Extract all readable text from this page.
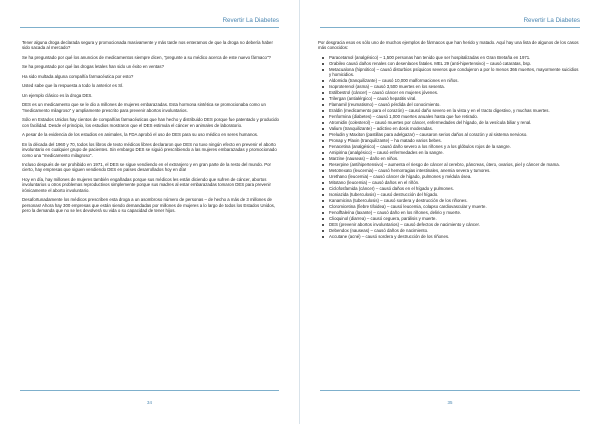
Revertir La Diabetes

Tener alguna droga declarada segura y promocionada masivamente y más tarde nos enteramos de que la droga no debería haber sido sacada al mercado?

Se ha preguntado por qué los anuncios de medicamentos siempre dicen, "pregunte a su médico acerca de este nuevo fármaco"?

Se ha preguntado por qué las drogas letales han sido un éxito en ventas?

Ha sido multada alguna compañía farmacéutica por esto?

Usted sabe que la respuesta a todo lo anterior es SÍ.

Un ejemplo clásico es la droga DES.

DES es un medicamento que se le dio a millones de mujeres embarazadas. Esta hormona sintética se promocionaba como un "medicamento milagroso" y ampliamente prescrito para prevenir abortos involuntarios.

Sólo en Estados Unidos hay cientos de compañías farmacéuticas que han hecho y distribuido DES porque fue patentado y producido con facilidad. Desde el principio, los estudios mostraron que el DES estimula el cáncer en animales de laboratorio.

A pesar de la evidencia de los estudios en animales, la FDA aprobó el uso de DES para su uso médico en seres humanos.

En la década del 1960 y 70, todos los libros de texto médicos libres declararon que DES no tuvo ningún efecto en prevenir el aborto involuntario en cualquier grupo de pacientes. Sin embargo DES se siguió prescribiendo a las mujeres embarazadas y promocionado como una "medicamento milagroso".

Incluso después de ser prohibido en 1971, el DES se sigue vendiendo en el extranjero y en gran parte de la resto del mundo. Por cierto, hay empresas que siguen vendiendo DES en países desarrollados hoy en día!

Hoy en día, hay millones de mujeres también engañadas porque sus médicos les están diciendo que sufren de cáncer, abortos involuntarios u otros problemas reproductivos simplemente porque sus madres al estar embarazadas tomaron DES para prevenir irónicamente el aborto involuntario.

Desafortunadamente los médicos prescriben esta droga a un asombroso número de personas – de hecho a más de 3 millones de personas! Ahora hay 300 empresas que están siendo demandadas por millones de mujeres a lo largo de todos los Estados Unidos, pero la demanda que no se les devolverá su vida o su capacidad de tener hijos.

34
Revertir La Diabetes

Por desgracia esos es sólo uno de muchos ejemplos de fármacos que han herido y matado. Aquí hay una lista de algunos de los casos más conocidos:

Paracetamol (analgésico) – 1,500 personas han tenido que ser hospitalizadas en Gran Bretaña en 1971.
Orabilex causó daños renales con desenlaces fatales. MEL 29 (anti-hipertensivo) – causó cataratas, bsp.
Metacualona (hipnótico) – causó disturbios psíquicos severos que condujeron a por lo menos 366 muertes, mayormente suicidios y homicidios.
Aldomida (tranquilizante) – causó 10,000 malformaciones en niños.
Isoproterenol (asma) – causó 3,500 muertes en los sesenta.
Estilbestrol (cáncer) – causó cáncer en mujeres jóvenes.
Trilergan (antialérgico) – causó hepatitis viral.
Flamamil (reumatismo) – causó pérdida del conocimiento.
Eraldin (medicamento para el corazón) – causó daño severo en la vista y en el tracto digestivo, y muchas muertes.
Fenformina (diabetes) – causó 1,000 muertes anuales hasta que fue retirado.
Atromidin (colesterol) – causó muertes por cáncer, enfermedades del hígado, de la vesícula biliar y renal.
Valium (tranquilizante) – adictivo en dosis moderadas.
Preludin y Maxiton (pastillas para adelgazar) – causaron serios daños al corazón y al sistema nervioso.
Pronap y Plaxin (tranquilizante) – ha matado varios bebes.
Fenacetina (analgésico) – causó daño severo a los riñones y a los glóbulos rojos de la sangre.
Amipirina (analgésico) – causó enfermedades en la sangre.
Marzine (nauseas) – daño en niños.
Reserpine (antihipertensivo) – aumenta el riesgo de cáncer al cerebro, páncreas, útero, ovarios, piel y cáncer de mama.
Metotrexato (leucemia) – causó hemorragias intestinales, anemia severa y tumores.
Urethano (leucemia) – causó cáncer de hígado, pulmones y médula ósea.
Mitotano (leucemia) – causó daños en el riñón.
Ciclofosfamida (cáncer) – causó daños en el hígado y pulmones.
Isoniazida (tuberculosis) – causó destrucción del hígado.
Kanamicina (tuberculosis) – causó sordera y destrucción de los riñones.
Cloromicetina (fiebre tifoidea) – causó leucemia, colapso cardiovascular y muerte.
Fenolftaleína (laxante) – causó daño en los riñones, delirio y muerte.
Clioquinol (diarrea) – causó ceguera, parálisis y muerte.
DES (prevenir abortos involuntarios) – causó defectos de nacimiento y cáncer.
Debendox (nauseas) – causó daños de nacimiento.
Accutane (acné) – causó sordera y destrucción de los riñones.
35
